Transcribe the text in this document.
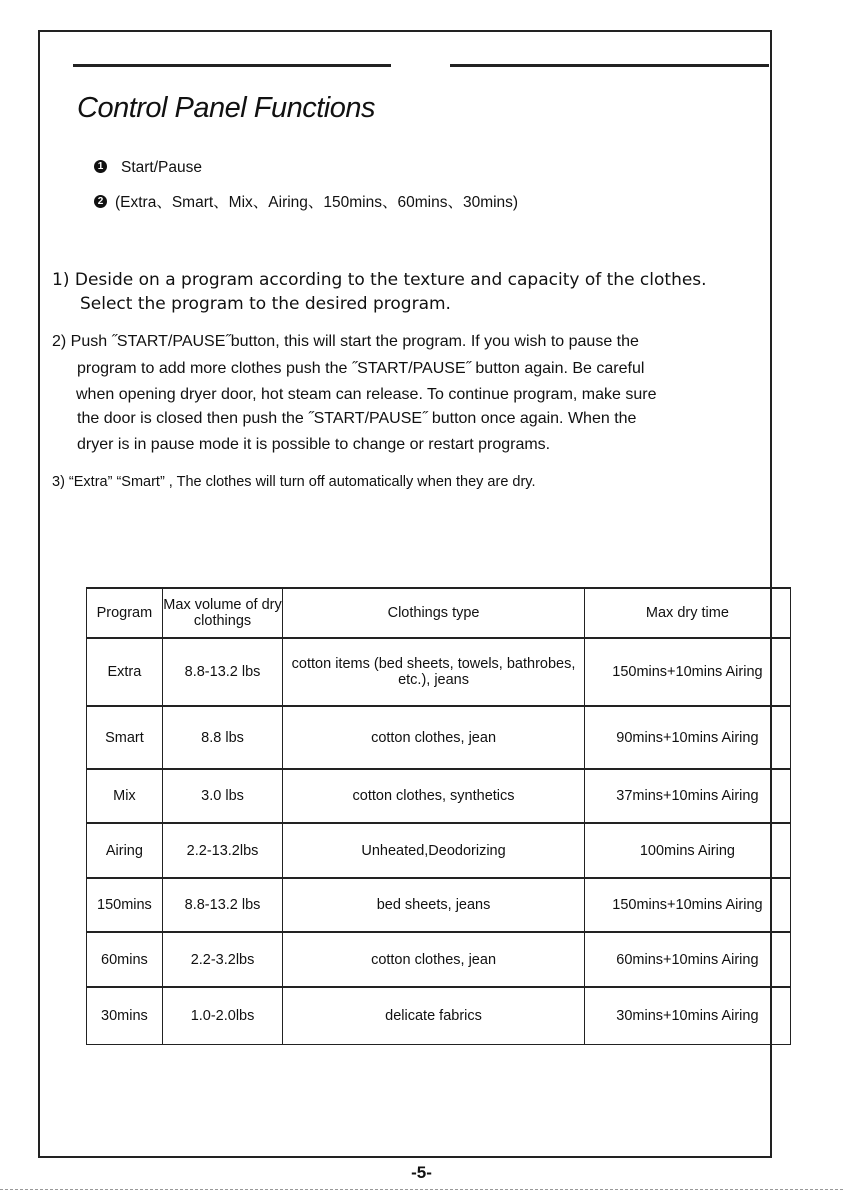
Control Panel Functions
1 Start/Pause
2 (Extra、Smart、Mix、Airing、150mins、60mins、30mins)
1) Deside on a program according to the texture and capacity of the clothes.
Select the program to the desired program.
2) Push ˝START/PAUSE˝button, this will start the program. If you wish to pause the
program to add more clothes push the ˝START/PAUSE˝ button again. Be careful
when opening dryer door, hot steam can release. To continue program, make sure
the door is closed then push the ˝START/PAUSE˝ button once again. When the
dryer is in pause mode it is possible to change or restart programs.
3) “Extra” “Smart” , The clothes will turn off automatically when they are dry.
Program	Max volume of dry clothings	Clothings type	Max dry time
Extra	8.8-13.2 lbs	cotton items (bed sheets, towels, bathrobes, etc.), jeans	150mins+10mins Airing
Smart	8.8 lbs	cotton clothes, jean	90mins+10mins Airing
Mix	3.0 lbs	cotton clothes, synthetics	37mins+10mins Airing
Airing	2.2-13.2lbs	Unheated,Deodorizing	100mins Airing
150mins	8.8-13.2 lbs	bed sheets, jeans	150mins+10mins Airing
60mins	2.2-3.2lbs	cotton clothes, jean	60mins+10mins Airing
30mins	1.0-2.0lbs	delicate fabrics	30mins+10mins Airing
-5-
